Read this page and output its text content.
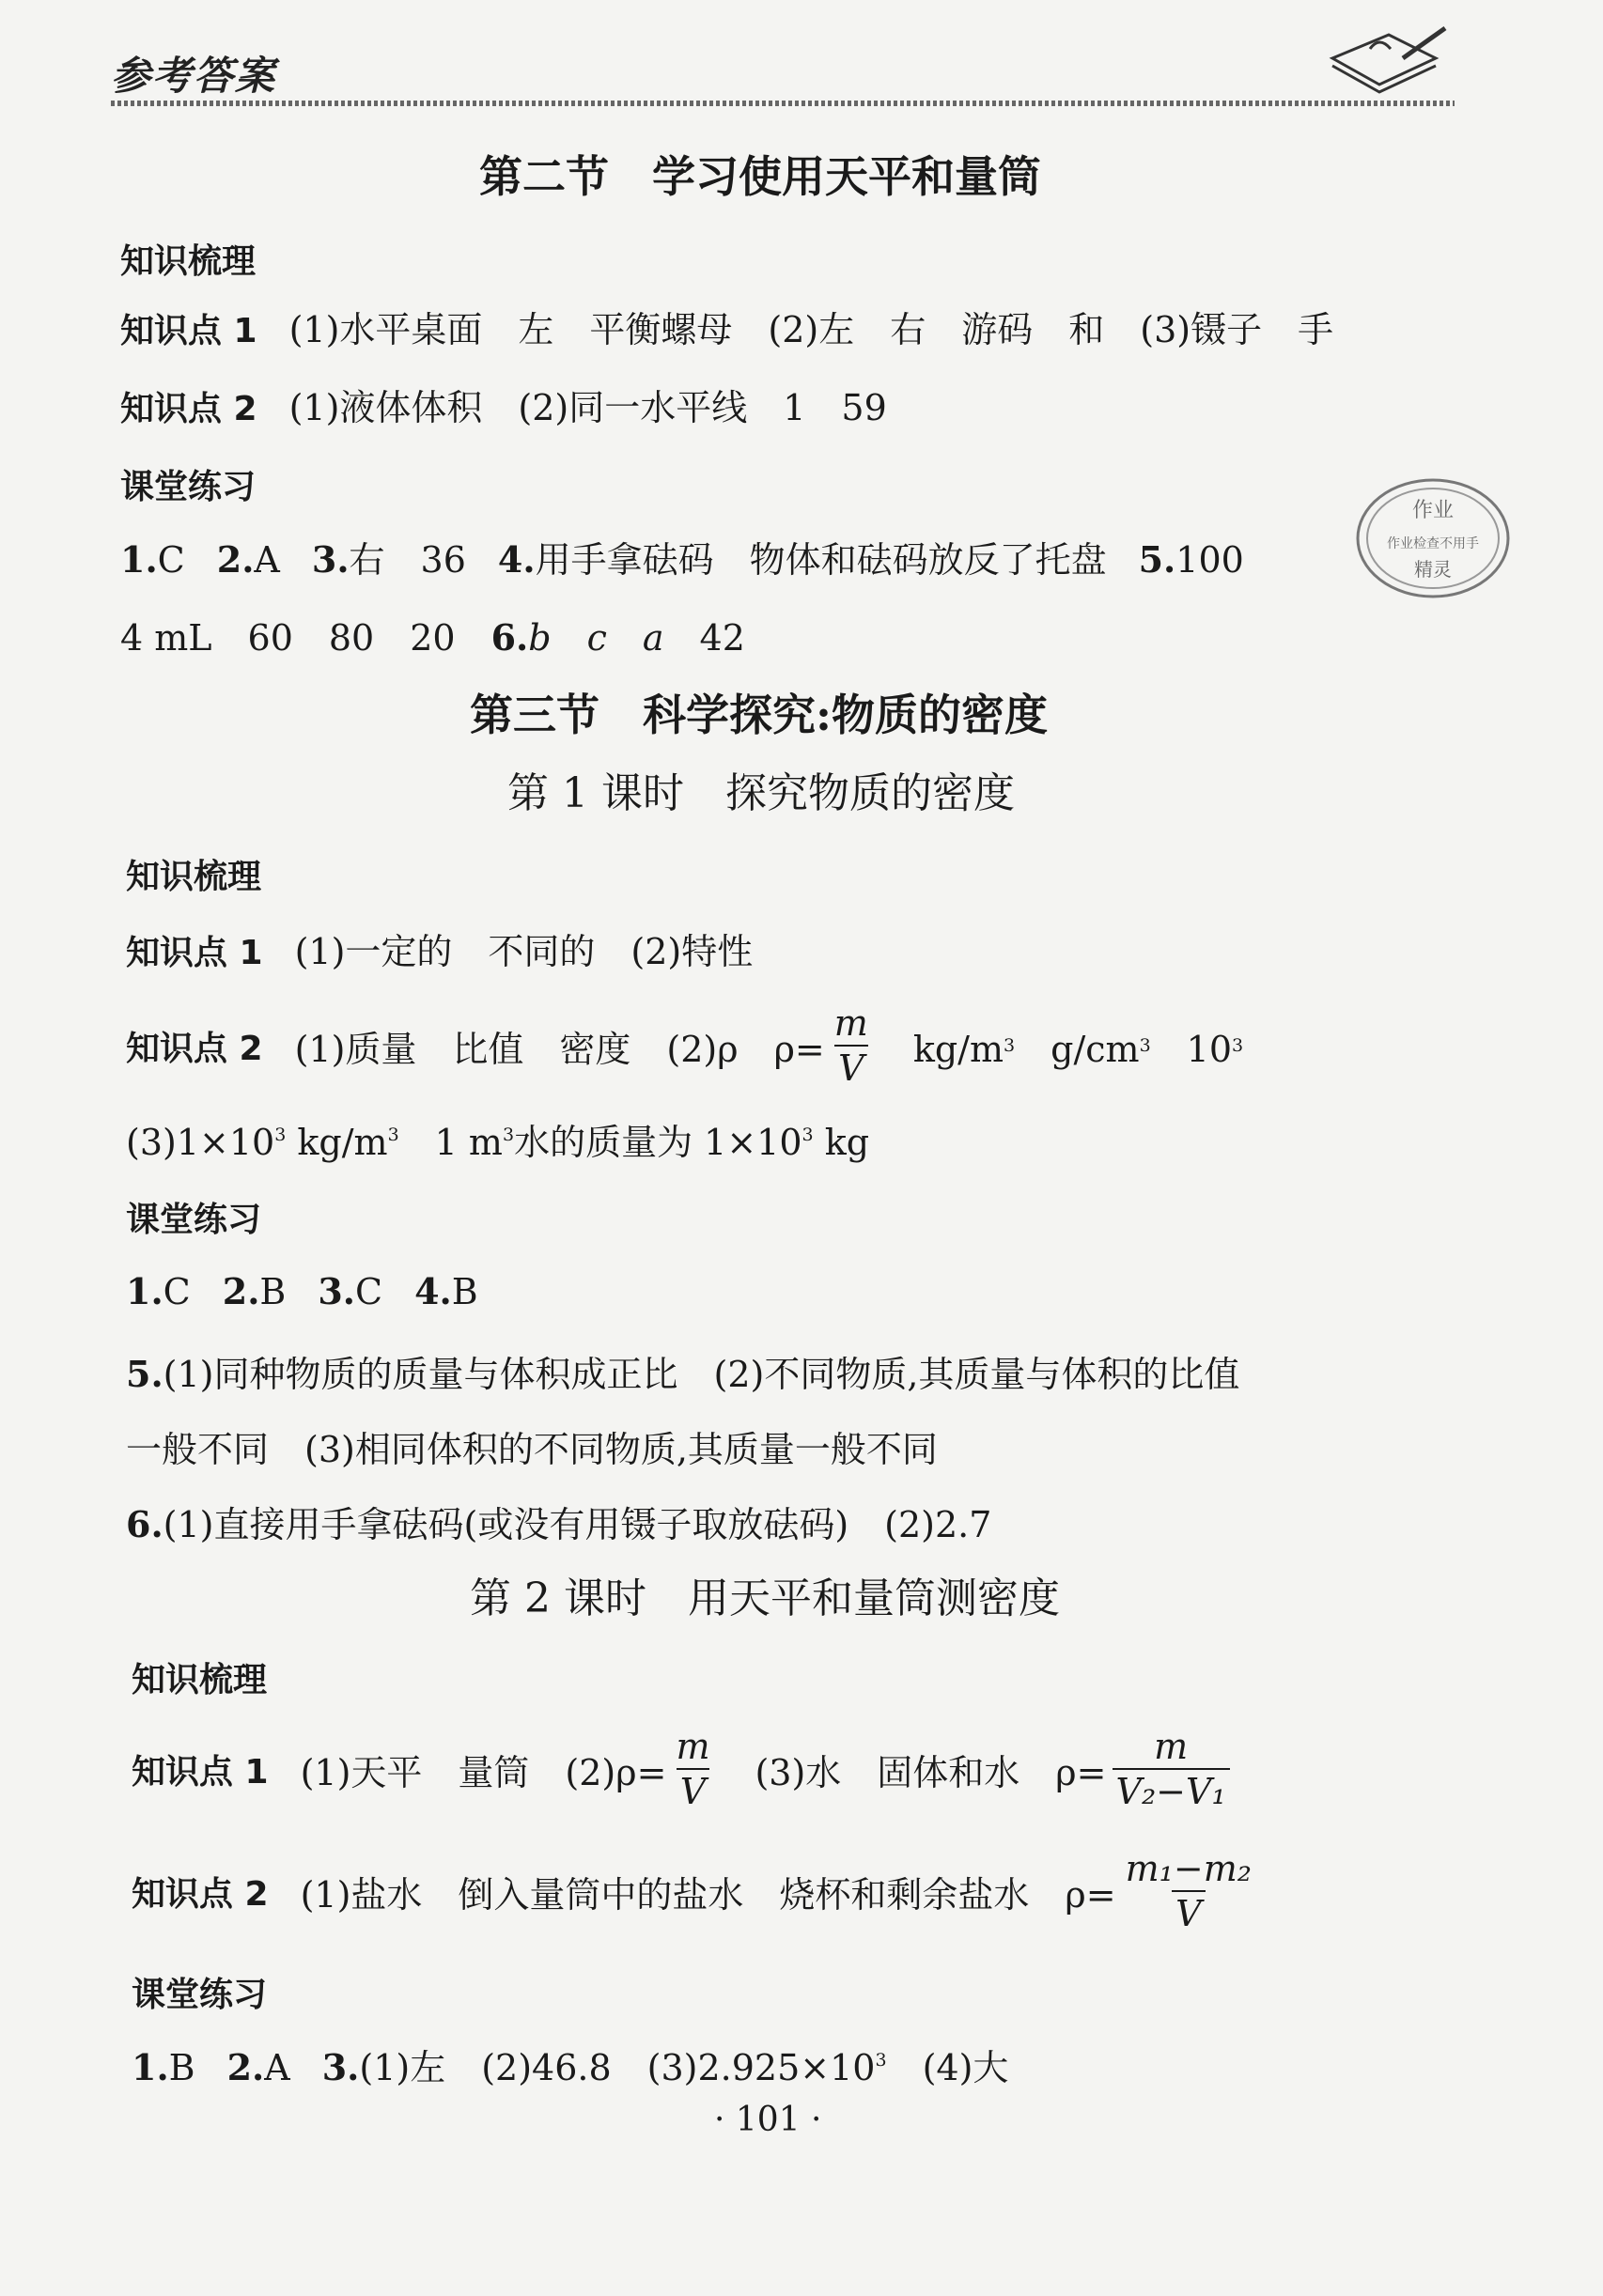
参考答案
第二节　学习使用天平和量筒
知识梳理
知识点 1 (1)水平桌面　左　平衡螺母　(2)左　右　游码　和　(3)镊子　手
知识点 2 (1)液体体积　(2)同一水平线　1　59
课堂练习
1.C 2.A 3.右　36 4.用手拿砝码　物体和砝码放反了托盘 5.100
4 mL　60　80　20　6.b　c　a　42
作业
作业检查不用手
精灵
第三节　科学探究:物质的密度
第 1 课时　探究物质的密度
知识梳理
知识点 1 (1)一定的　不同的　(2)特性
知识点 2 (1)质量　比值　密度　(2)ρ　$\rho= \frac{m}{V}$ 　kg/m 3 　g/cm 3 　10 3
$(3)1\times 10^3$ $kg/m^3$　1 $m^3$水的质量为 $1\times 10^3$ kg
课堂练习
1.C 2.B 3.C 4.B
5.(1)同种物质的质量与体积成正比　(2)不同物质,其质量与体积的比值
一般不同　(3)相同体积的不同物质,其质量一般不同
6.(1)直接用手拿砝码(或没有用镊子取放砝码)　(2)2.7
第 2 课时　用天平和量筒测密度
知识梳理
知识点 1 (1)天平　量筒　$(2)\rho= \frac{m}{V}$ 　(3)水　固体和水　$\rho= \frac{m}{\text{V₂−V₁}}$
知识点 2 (1)盐水　倒入量筒中的盐水　烧杯和剩余盐水　$\rho= \frac{\text{m₁−m₂}}{V}$
课堂练习
1.B 2.A 3.(1)左　(2)46.8　$(3)2.925\times 10^3$　(4)大
· 101 ·
